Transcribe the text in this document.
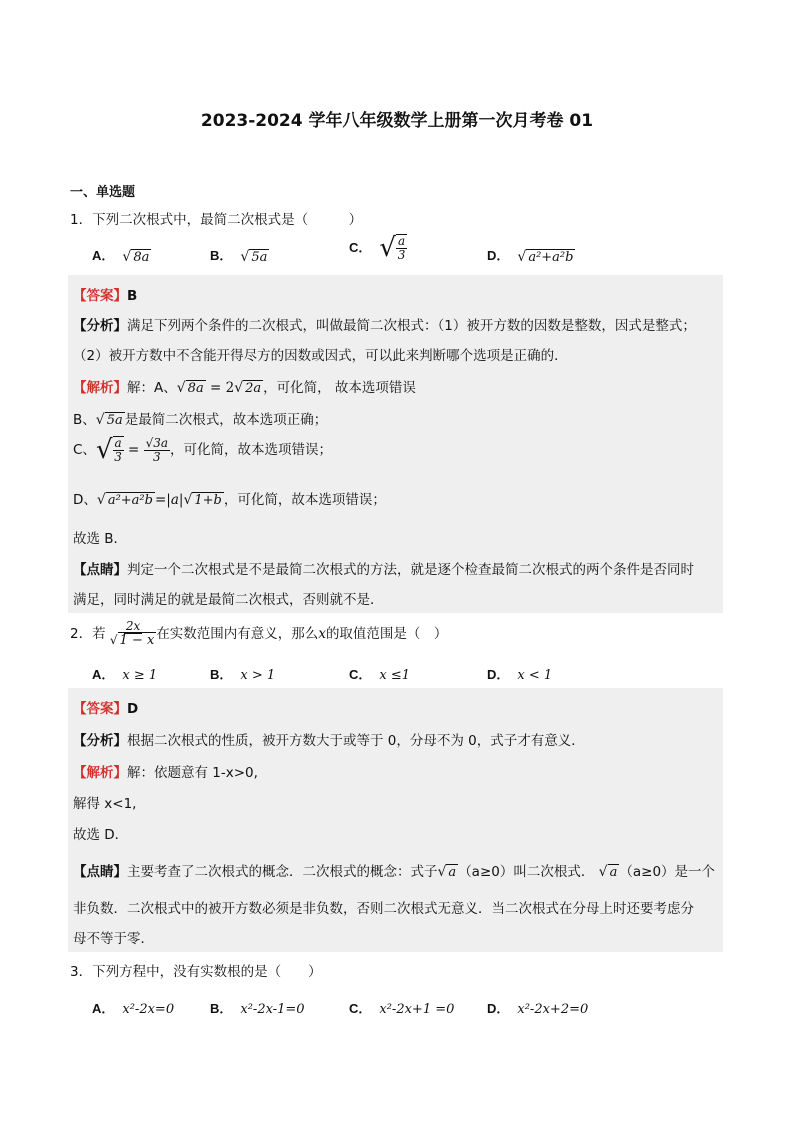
2023-2024 学年八年级数学上册第一次月考卷 01
一、单选题
1．下列二次根式中，最简二次根式是（　　　）
A． √ 8a	B． √ 5a
C． √ $\frac{a}{3}$	D． √ a²+a²b
【答案】B
【分析】满足下列两个条件的二次根式，叫做最简二次根式：（1）被开方数的因数是整数，因式是整式；
（2）被开方数中不含能开得尽方的因数或因式，可以此来判断哪个选项是正确的．
【解析】解：A、√ 8a = 2√ 2a ，可化简， 故本选项错误
B、√ 5a 是最简二次根式，故本选项正确；
C、√ $\frac{a}{3} = \frac{√3a}{3}$ ，可化简，故本选项错误；
D、√ a²+a²b =|a|√ 1+b ，可化简，故本选项错误；
故选 B．
【点睛】判定一个二次根式是不是最简二次根式的方法，就是逐个检查最简二次根式的两个条件是否同时
满足，同时满足的就是最简二次根式，否则就不是．
2．若 $\frac{2x}{√ 1 - x}$ 在实数范围内有意义，那么x的取值范围是（　）
A． x ≥ 1	B． x > 1	C． x ≤1	D． x < 1
【答案】D
【分析】根据二次根式的性质，被开方数大于或等于 0，分母不为 0，式子才有意义．
【解析】解：依题意有 1-x>0,
解得 x<1,
故选 D．
【点睛】主要考查了二次根式的概念．二次根式的概念：式子√ a （a≥0）叫二次根式． √ a （a≥0）是一个
非负数．二次根式中的被开方数必须是非负数，否则二次根式无意义．当二次根式在分母上时还要考虑分
母不等于零．
3．下列方程中，没有实数根的是（　　）
A． x²-2x=0	B． x²-2x-1=0	C． x²-2x+1 =0	D． x²-2x+2=0
